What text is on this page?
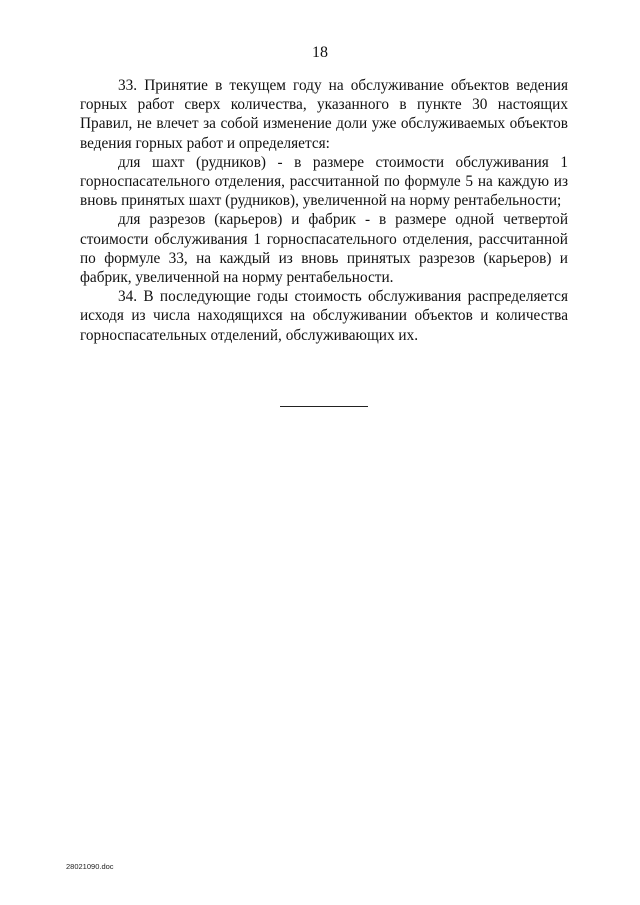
18

33. Принятие в текущем году на обслуживание объектов ведения горных работ сверх количества, указанного в пункте 30 настоящих Правил, не влечет за собой изменение доли уже обслуживаемых объектов ведения горных работ и определяется:

для шахт (рудников) - в размере стоимости обслуживания 1 горноспасательного отделения, рассчитанной по формуле 5 на каждую из вновь принятых шахт (рудников), увеличенной на норму рентабельности;

для разрезов (карьеров) и фабрик - в размере одной четвертой стоимости обслуживания 1 горноспасательного отделения, рассчитанной по формуле 33, на каждый из вновь принятых разрезов (карьеров) и фабрик, увеличенной на норму рентабельности.

34. В последующие годы стоимость обслуживания распределяется исходя из числа находящихся на обслуживании объектов и количества горноспасательных отделений, обслуживающих их.

28021090.doc
